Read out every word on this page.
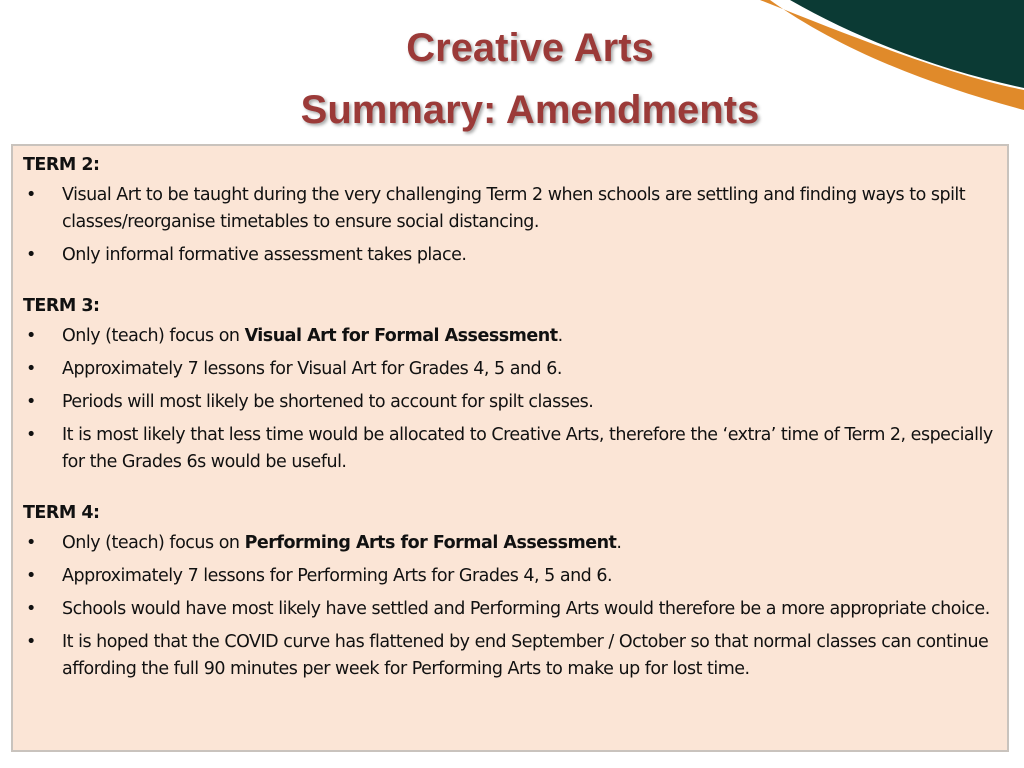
Creative Arts
Summary: Amendments
TERM 2:
• Visual Art to be taught during the very challenging Term 2 when schools are settling and finding ways to spilt classes/reorganise timetables to ensure social distancing.
• Only informal formative assessment takes place.
TERM 3:
• Only (teach) focus on Visual Art for Formal Assessment.
• Approximately 7 lessons for Visual Art for Grades 4, 5 and 6.
• Periods will most likely be shortened to account for spilt classes.
• It is most likely that less time would be allocated to Creative Arts, therefore the ‘extra’ time of Term 2, especially for the Grades 6s would be useful.
TERM 4:
• Only (teach) focus on Performing Arts for Formal Assessment.
• Approximately 7 lessons for Performing Arts for Grades 4, 5 and 6.
• Schools would have most likely have settled and Performing Arts would therefore be a more appropriate choice.
• It is hoped that the COVID curve has flattened by end September / October so that normal classes can continue affording the full 90 minutes per week for Performing Arts to make up for lost time.
